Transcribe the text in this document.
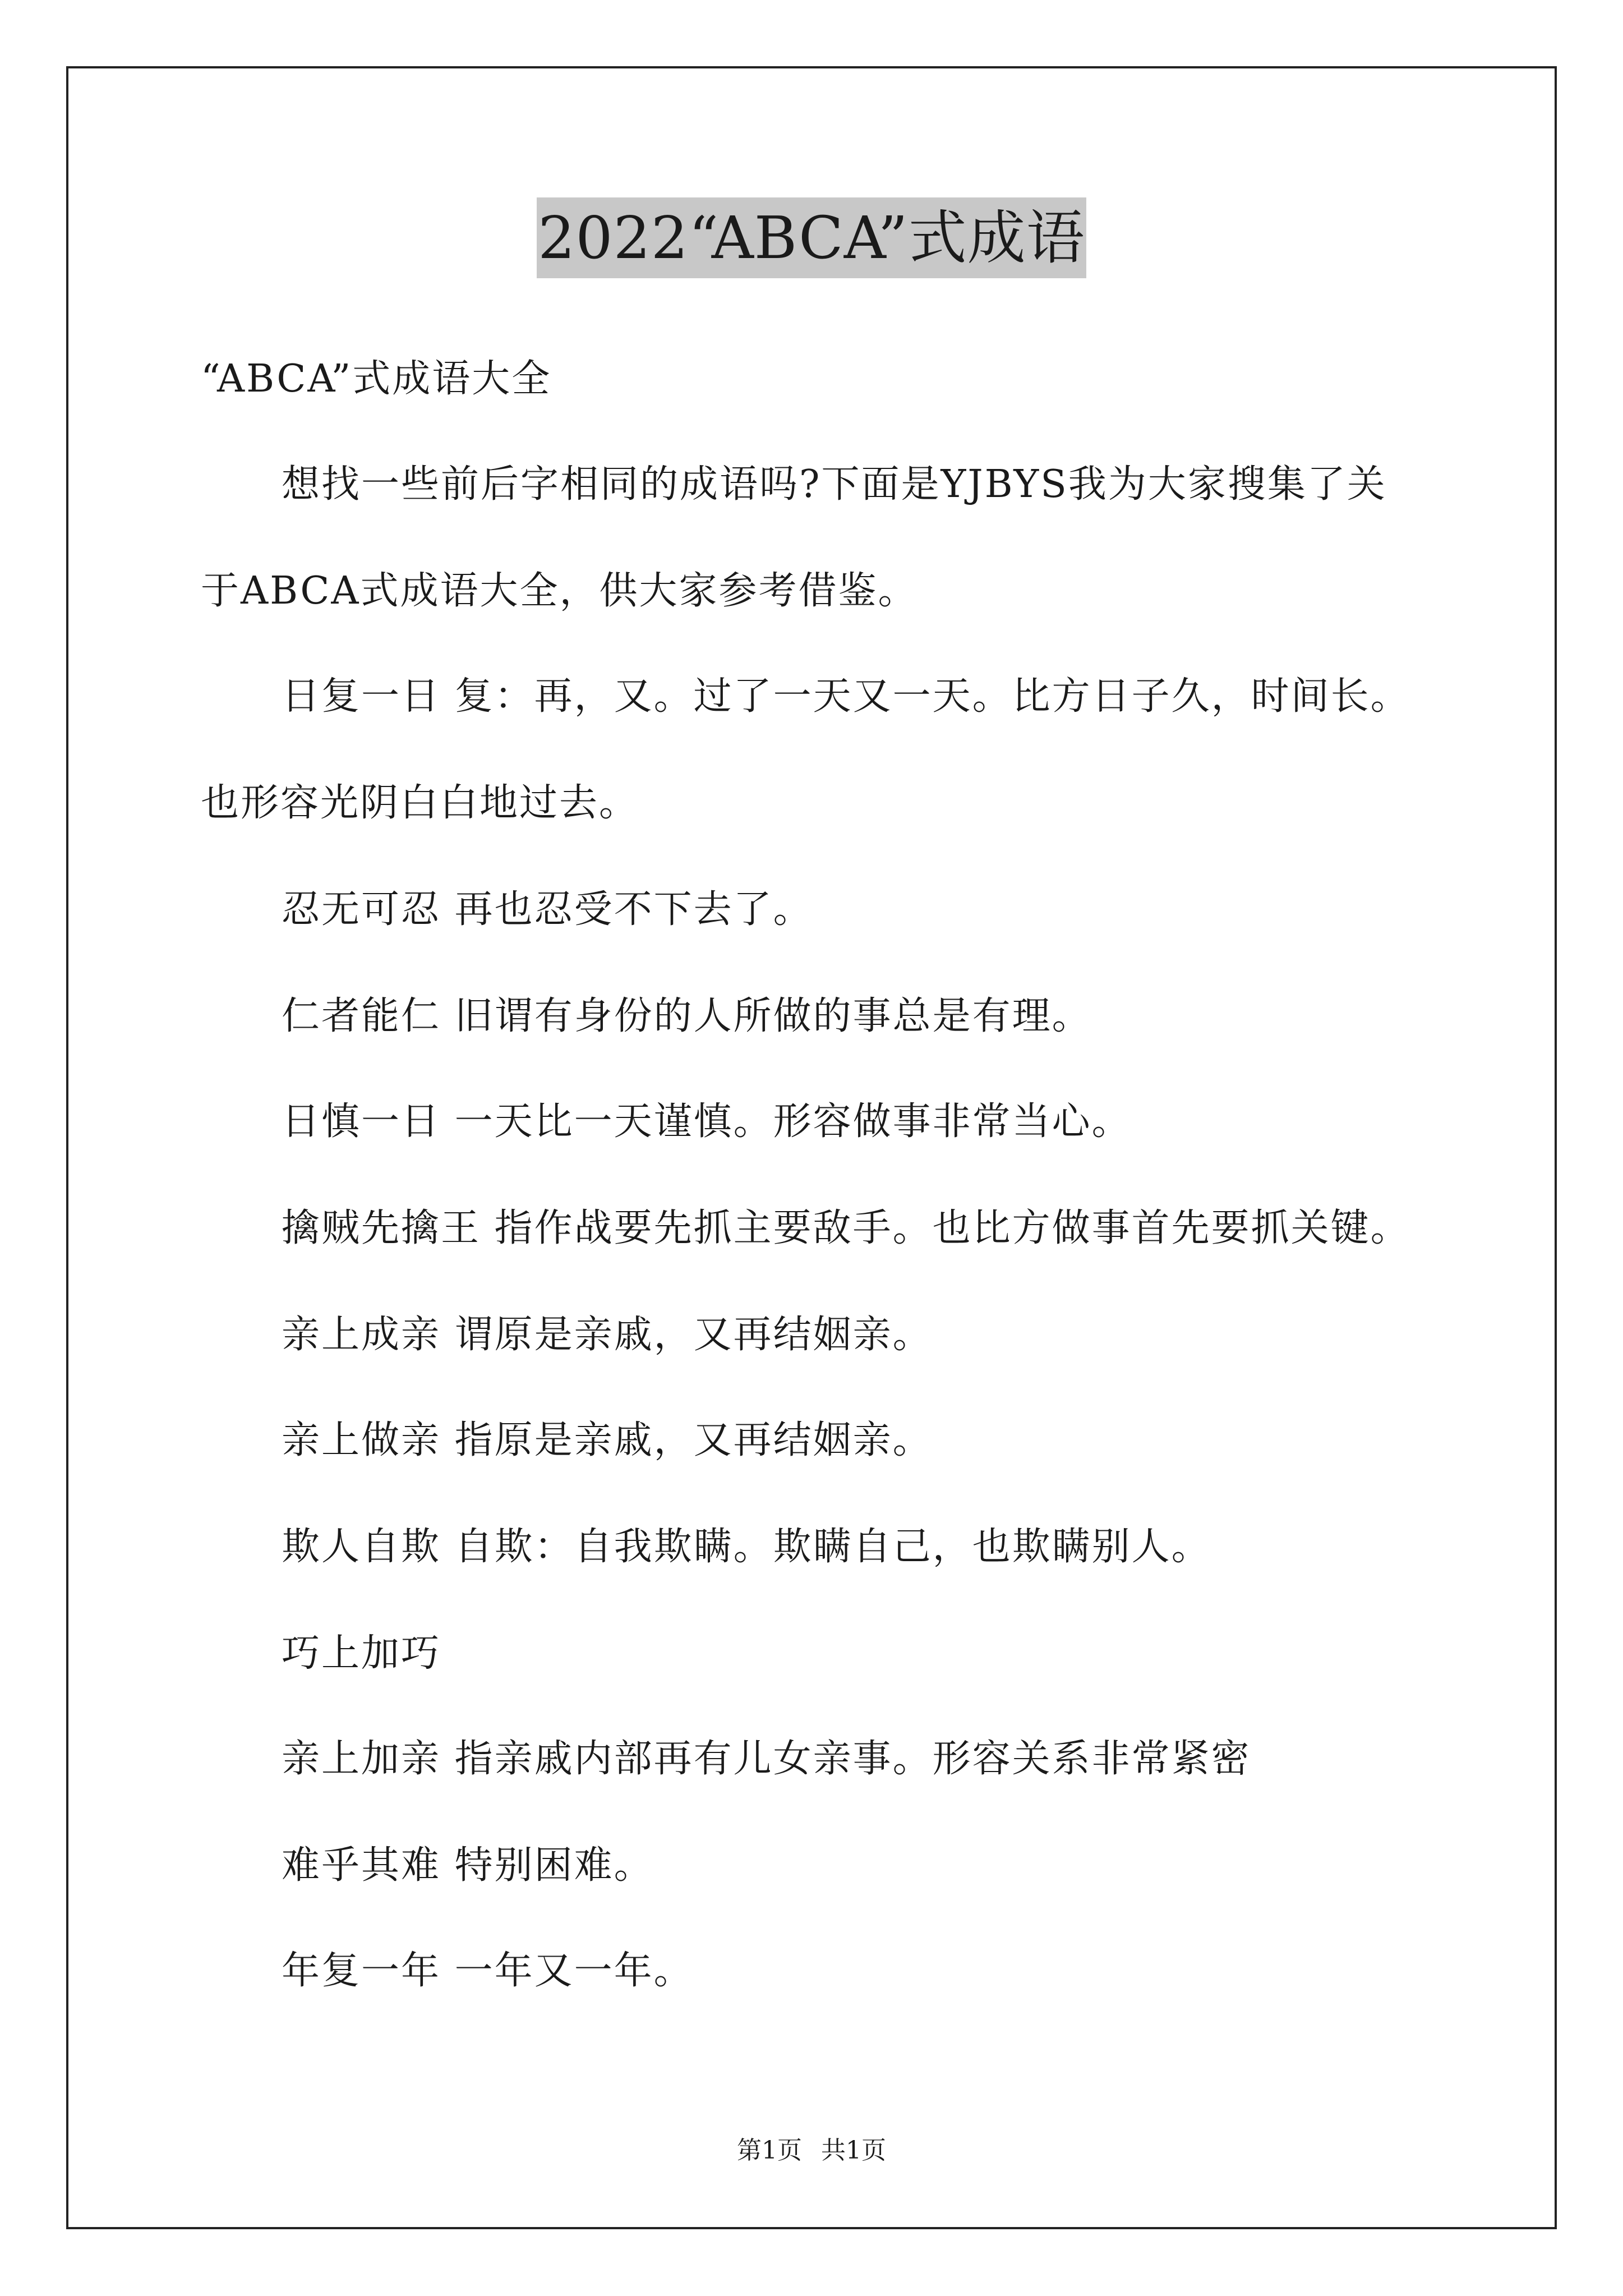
2022“ABCA”式成语

“ABCA”式成语大全

想找一些前后字相同的成语吗?下面是YJBYS我为大家搜集了关

于ABCA式成语大全，供大家参考借鉴。

日复一日 复：再，又。过了一天又一天。比方日子久，时间长。

也形容光阴白白地过去。

忍无可忍 再也忍受不下去了。

仁者能仁 旧谓有身份的人所做的事总是有理。

日慎一日 一天比一天谨慎。形容做事非常当心。

擒贼先擒王 指作战要先抓主要敌手。也比方做事首先要抓关键。

亲上成亲 谓原是亲戚，又再结姻亲。

亲上做亲 指原是亲戚，又再结姻亲。

欺人自欺 自欺：自我欺瞒。欺瞒自己，也欺瞒别人。

巧上加巧

亲上加亲 指亲戚内部再有儿女亲事。形容关系非常紧密

难乎其难 特别困难。

年复一年 一年又一年。

第1页 共1页
